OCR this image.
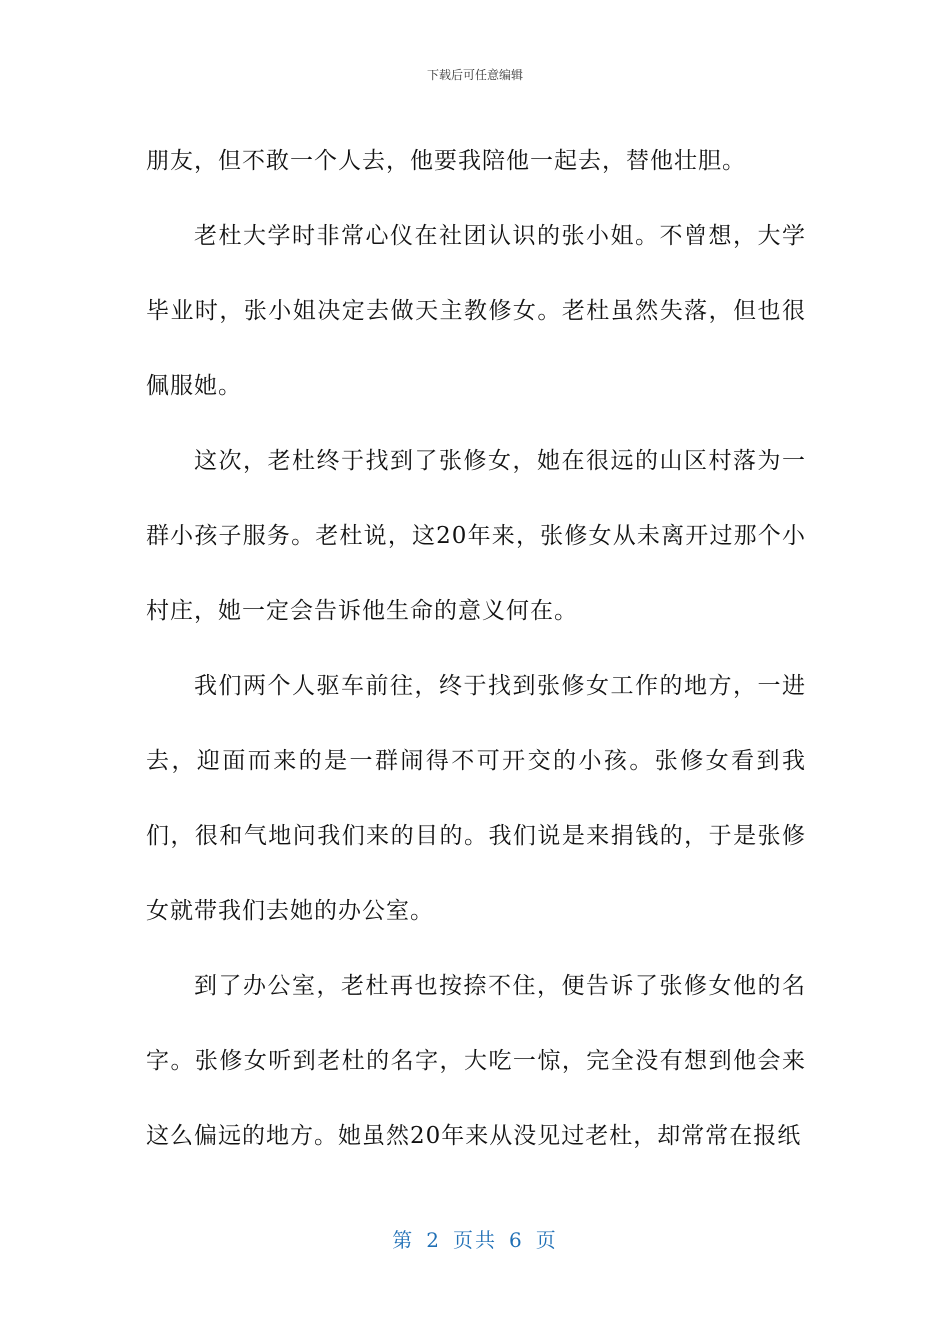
下载后可任意编辑

朋友，但不敢一个人去，他要我陪他一起去，替他壮胆。

老杜大学时非常心仪在社团认识的张小姐。不曾想，大学毕业时，张小姐决定去做天主教修女。老杜虽然失落，但也很佩服她。

这次，老杜终于找到了张修女，她在很远的山区村落为一群小孩子服务。老杜说，这20年来，张修女从未离开过那个小村庄，她一定会告诉他生命的意义何在。

我们两个人驱车前往，终于找到张修女工作的地方，一进去，迎面而来的是一群闹得不可开交的小孩。张修女看到我们，很和气地问我们来的目的。我们说是来捐钱的，于是张修女就带我们去她的办公室。

到了办公室，老杜再也按捺不住，便告诉了张修女他的名字。张修女听到老杜的名字，大吃一惊，完全没有想到他会来这么偏远的地方。她虽然20年来从没见过老杜，却常常在报纸

第 2 页共 6 页
